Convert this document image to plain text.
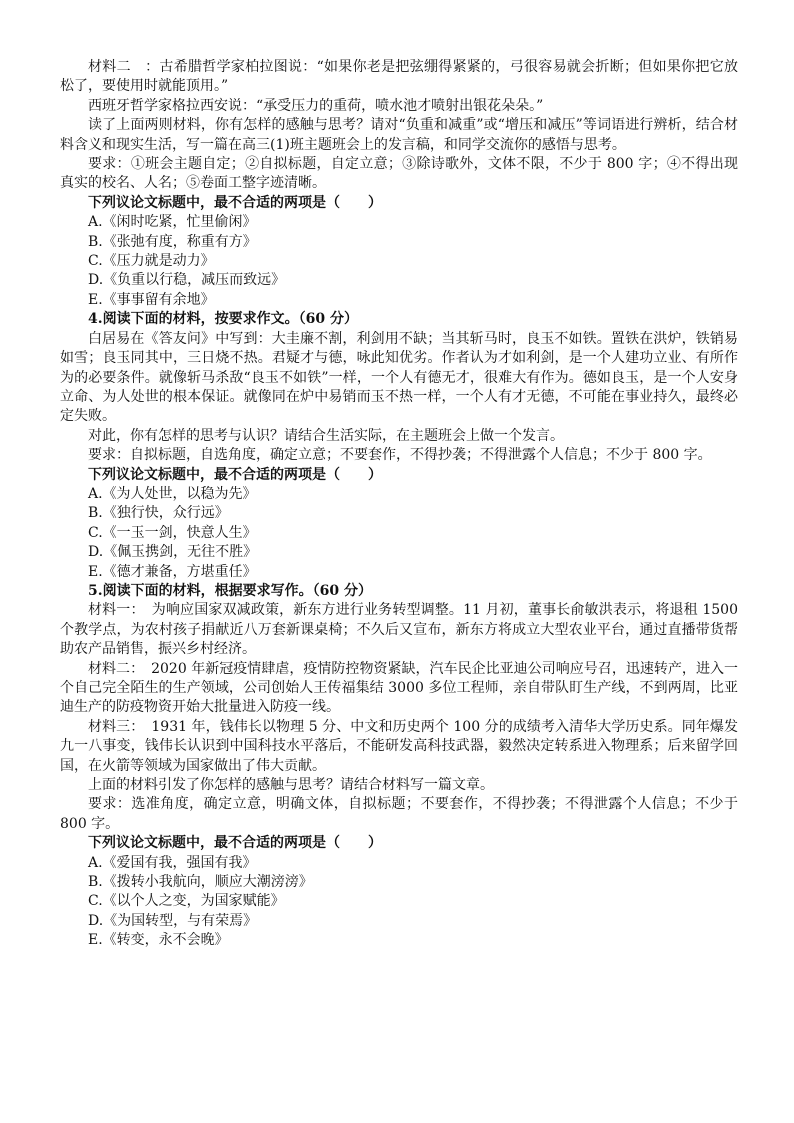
材料二　：古希腊哲学家柏拉图说：“如果你老是把弦绷得紧紧的，弓很容易就会折断；但如果你把它放松了，要使用时就能顶用。”

西班牙哲学家格拉西安说：“承受压力的重荷，喷水池才喷射出银花朵朵。”

读了上面两则材料，你有怎样的感触与思考？请对“负重和减重”或“增压和减压”等词语进行辨析，结合材料含义和现实生活，写一篇在高三(1)班主题班会上的发言稿，和同学交流你的感悟与思考。

要求：①班会主题自定；②自拟标题，自定立意；③除诗歌外，文体不限，不少于 800 字；④不得出现真实的校名、人名；⑤卷面工整字迹清晰。

下列议论文标题中，最不合适的两项是（　　）

A.《闲时吃紧，忙里偷闲》

B.《张弛有度，称重有方》

C.《压力就是动力》

D.《负重以行稳，减压而致远》

E.《事事留有余地》

4.阅读下面的材料，按要求作文。（60 分）

白居易在《答友问》中写到：大圭廉不割，利剑用不缺；当其斩马时，良玉不如铁。置铁在洪炉，铁销易如雪；良玉同其中，三日烧不热。君疑才与德，咏此知优劣。作者认为才如利剑，是一个人建功立业、有所作为的必要条件。就像斩马杀敌“良玉不如铁”一样，一个人有德无才，很难大有作为。德如良玉，是一个人安身立命、为人处世的根本保证。就像同在炉中易销而玉不热一样，一个人有才无德，不可能在事业持久，最终必定失败。

对此，你有怎样的思考与认识？请结合生活实际，在主题班会上做一个发言。

要求：自拟标题，自选角度，确定立意；不要套作，不得抄袭；不得泄露个人信息；不少于 800 字。

下列议论文标题中，最不合适的两项是（　　）

A.《为人处世，以稳为先》

B.《独行快，众行远》

C.《一玉一剑，快意人生》

D.《佩玉携剑，无往不胜》

E.《德才兼备，方堪重任》

5.阅读下面的材料，根据要求写作。（60 分）

材料一：　为响应国家双减政策，新东方进行业务转型调整。11 月初，董事长俞敏洪表示，将退租 1500 个教学点，为农村孩子捐献近八万套新课桌椅；不久后又宣布，新东方将成立大型农业平台，通过直播带货帮助农产品销售，振兴乡村经济。

材料二：　2020 年新冠疫情肆虐，疫情防控物资紧缺，汽车民企比亚迪公司响应号召，迅速转产，进入一个自己完全陌生的生产领域，公司创始人王传福集结 3000 多位工程师，亲自带队盯生产线，不到两周，比亚迪生产的防疫物资开始大批量进入防疫一线。

材料三：　1931 年，钱伟长以物理 5 分、中文和历史两个 100 分的成绩考入清华大学历史系。同年爆发九一八事变，钱伟长认识到中国科技水平落后，不能研发高科技武器，毅然决定转系进入物理系；后来留学回国，在火箭等领域为国家做出了伟大贡献。

上面的材料引发了你怎样的感触与思考？请结合材料写一篇文章。

要求：选准角度，确定立意，明确文体，自拟标题；不要套作，不得抄袭；不得泄露个人信息；不少于 800 字。

下列议论文标题中，最不合适的两项是（　　）

A.《爱国有我，强国有我》

B.《拨转小我航向，顺应大潮滂滂》

C.《以个人之变，为国家赋能》

D.《为国转型，与有荣焉》

E.《转变，永不会晚》
